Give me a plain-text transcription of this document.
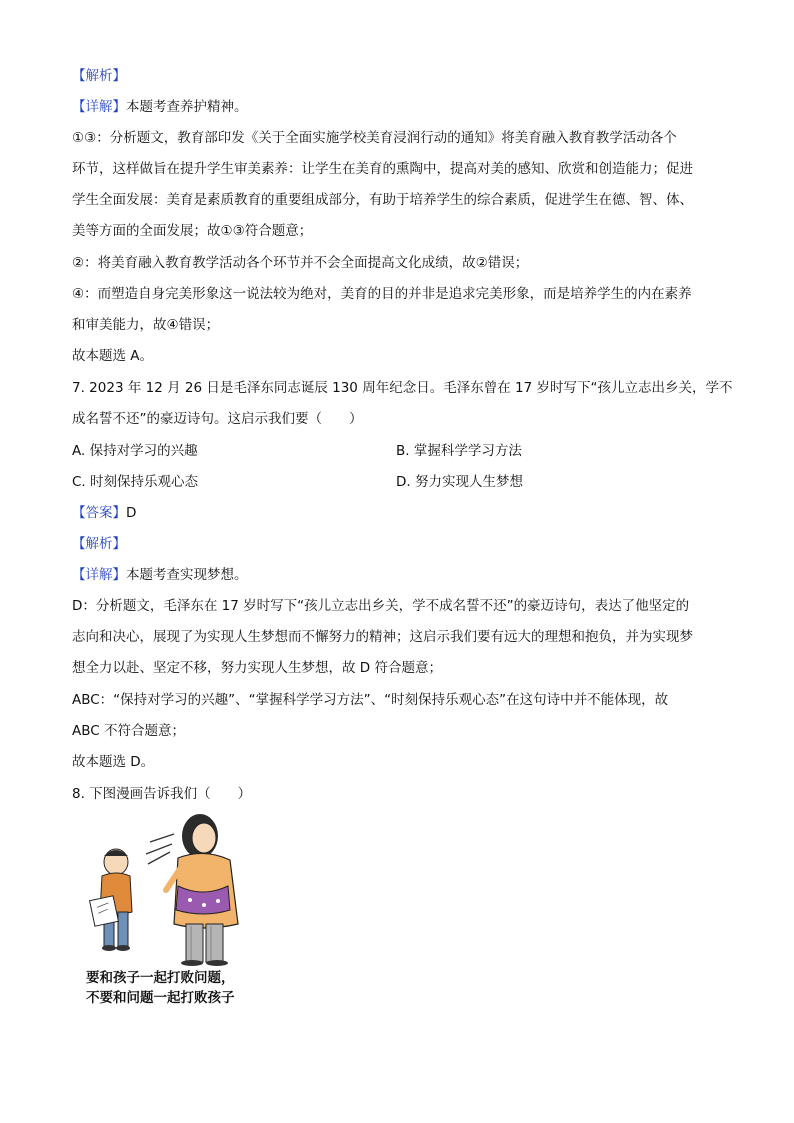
【解析】
【详解】本题考查养护精神。
①③：分析题文，教育部印发《关于全面实施学校美育浸润行动的通知》将美育融入教育教学活动各个
环节，这样做旨在提升学生审美素养：让学生在美育的熏陶中，提高对美的感知、欣赏和创造能力；促进
学生全面发展：美育是素质教育的重要组成部分，有助于培养学生的综合素质，促进学生在德、智、体、
美等方面的全面发展；故①③符合题意；
②：将美育融入教育教学活动各个环节并不会全面提高文化成绩，故②错误；
④：而塑造自身完美形象这一说法较为绝对，美育的目的并非是追求完美形象，而是培养学生的内在素养
和审美能力，故④错误；
故本题选 A。
7. 2023 年 12 月 26 日是毛泽东同志诞辰 130 周年纪念日。毛泽东曾在 17 岁时写下“孩儿立志出乡关，学不
成名誓不还”的豪迈诗句。这启示我们要（　　）
A. 保持对学习的兴趣	B. 掌握科学学习方法
C. 时刻保持乐观心态	D. 努力实现人生梦想
【答案】D
【解析】
【详解】本题考查实现梦想。
D：分析题文，毛泽东在 17 岁时写下“孩儿立志出乡关，学不成名誓不还”的豪迈诗句，表达了他坚定的
志向和决心，展现了为实现人生梦想而不懈努力的精神；这启示我们要有远大的理想和抱负，并为实现梦
想全力以赴、坚定不移，努力实现人生梦想，故 D 符合题意；
ABC：“保持对学习的兴趣”、“掌握科学学习方法”、“时刻保持乐观心态”在这句诗中并不能体现，故
ABC 不符合题意；
故本题选 D。
8. 下图漫画告诉我们（　　）
要和孩子一起打败问题，
不要和问题一起打败孩子
